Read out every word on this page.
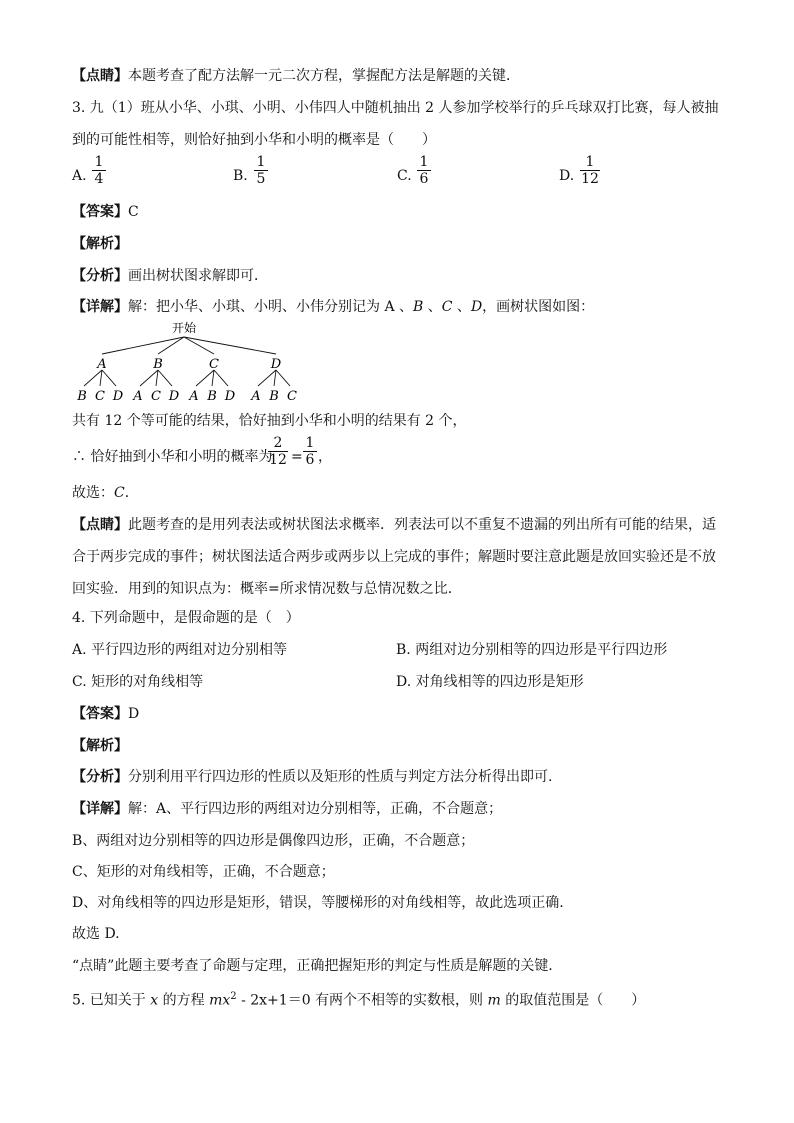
【点睛】本题考查了配方法解一元二次方程，掌握配方法是解题的关键．
3. 九（1）班从小华、小琪、小明、小伟四人中随机抽出 2 人参加学校举行的乒乓球双打比赛，每人被抽
到的可能性相等，则恰好抽到小华和小明的概率是（　　）
A. $\frac{1}{4}$	B. $\frac{1}{5}$	C. $\frac{1}{6}$	D. $\frac{1}{12}$
【答案】C
【解析】
【分析】画出树状图求解即可．
【详解】解：把小华、小琪、小明、小伟分别记为 A 、B 、C 、D，画树状图如图：
开始
A	B	C	D
B C D A C D A B D A B C
共有 12 个等可能的结果，恰好抽到小华和小明的结果有 2 个，
∴ 恰好抽到小华和小明的概率为
$\frac{2}{12} = \frac{1}{6}$ ，
故选：C．
【点睛】此题考查的是用列表法或树状图法求概率．列表法可以不重复不遗漏的列出所有可能的结果，适
合于两步完成的事件；树状图法适合两步或两步以上完成的事件；解题时要注意此题是放回实验还是不放
回实验．用到的知识点为：概率=所求情况数与总情况数之比．
4. 下列命题中，是假命题的是（　）
A. 平行四边形的两组对边分别相等	B. 两组对边分别相等的四边形是平行四边形
C. 矩形的对角线相等	D. 对角线相等的四边形是矩形
【答案】D
【解析】
【分析】分别利用平行四边形的性质以及矩形的性质与判定方法分析得出即可.
【详解】解：A、平行四边形的两组对边分别相等，正确，不合题意；
B、两组对边分别相等的四边形是偶像四边形，正确，不合题意；
C、矩形的对角线相等，正确，不合题意；
D、对角线相等的四边形是矩形，错误，等腰梯形的对角线相等，故此选项正确.
故选 D.
“点睛”此题主要考查了命题与定理，正确把握矩形的判定与性质是解题的关键.
5. 已知关于 x 的方程 $mx^2 - 2x+1=0$ 有两个不相等的实数根，则 m 的取值范围是（　　）
